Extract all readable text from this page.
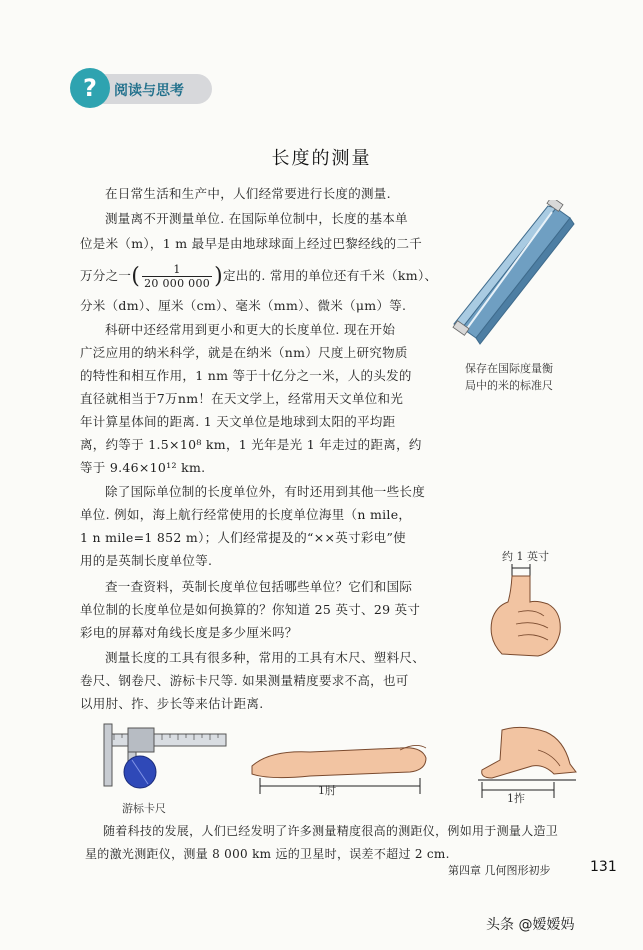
? 阅读与思考
长度的测量
在日常生活和生产中，人们经常要进行长度的测量.
测量离不开测量单位. 在国际单位制中，长度的基本单
位是米（m），1 m 最早是由地球球面上经过巴黎经线的二千
万分之一( $\frac{1}{20 000 000}$ )定出的. 常用的单位还有千米（km）、
分米（dm）、厘米（cm）、毫米（mm）、微米（μm）等.
科研中还经常用到更小和更大的长度单位. 现在开始
广泛应用的纳米科学，就是在纳米（nm）尺度上研究物质
的特性和相互作用，1 nm 等于十亿分之一米，人的头发的
直径就相当于7万nm！在天文学上，经常用天文单位和光
年计算星体间的距离. 1 天文单位是地球到太阳的平均距
离，约等于 1.5×10⁸ km，1 光年是光 1 年走过的距离，约
等于 9.46×10¹² km.
除了国际单位制的长度单位外，有时还用到其他一些长度
单位. 例如，海上航行经常使用的长度单位海里（n mile，
1 n mile=1 852 m）；人们经常提及的“××英寸彩电”使
用的是英制长度单位等.
查一查资料，英制长度单位包括哪些单位？它们和国际
单位制的长度单位是如何换算的？你知道 25 英寸、29 英寸
彩电的屏幕对角线长度是多少厘米吗？
测量长度的工具有很多种，常用的工具有木尺、塑料尺、
卷尺、钢卷尺、游标卡尺等. 如果测量精度要求不高，也可
以用肘、拃、步长等来估计距离.
随着科技的发展，人们已经发明了许多测量精度很高的测距仪，例如用于测量人造卫
星的激光测距仪，测量 8 000 km 远的卫星时，误差不超过 2 cm.
保存在国际度量衡
局中的米的标准尺
约 1 英寸
游标卡尺
1肘
1拃
第四章 几何图形初步	131
头条 @嫒嫒妈
